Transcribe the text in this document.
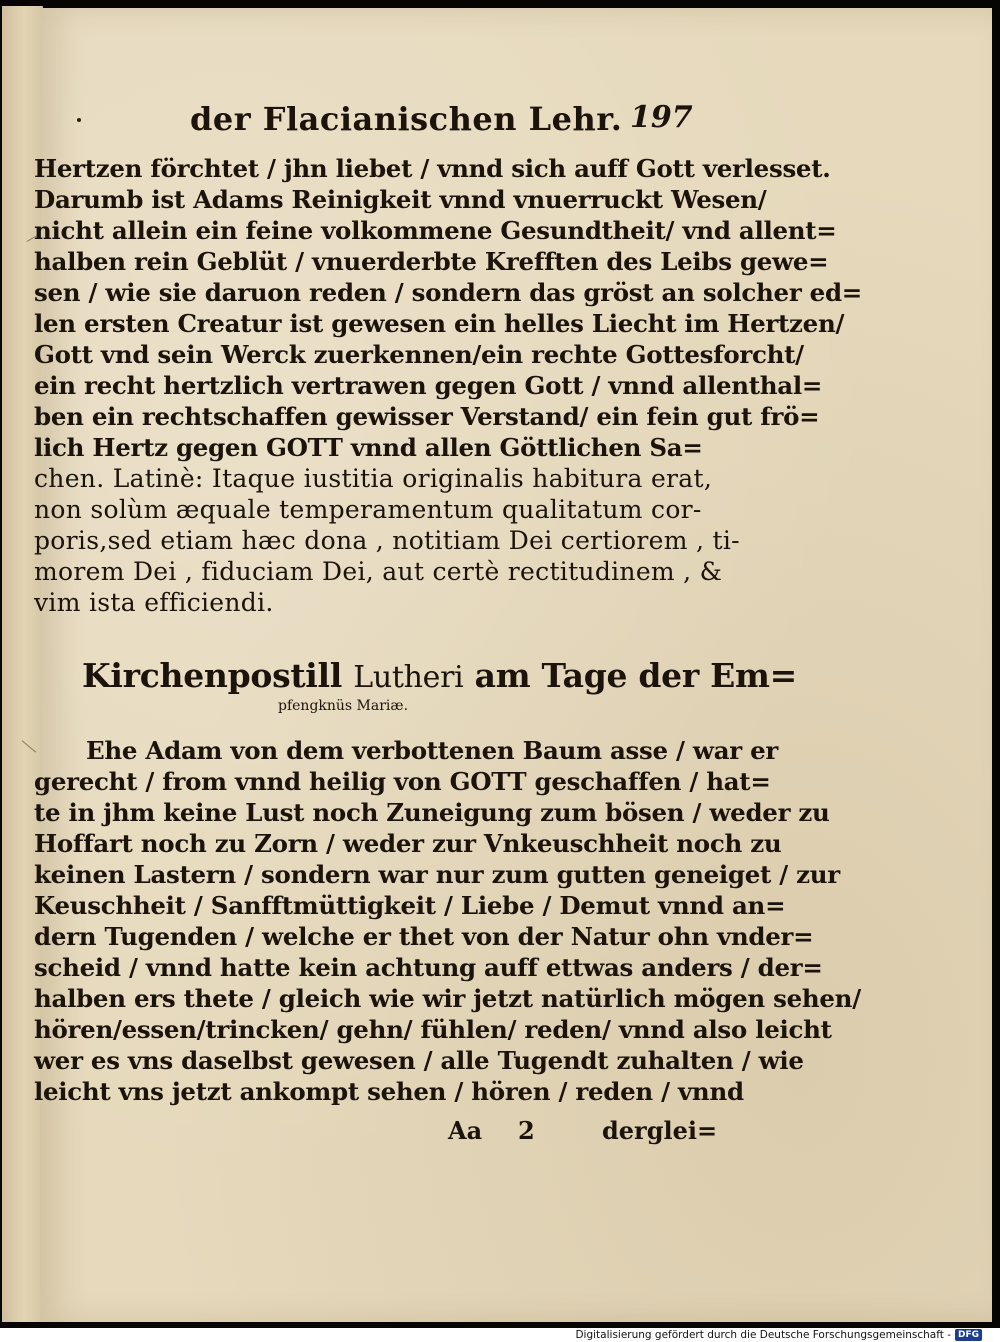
der Flacianischen Lehr. 197
Hertzen förchtet / jhn liebet / vnnd sich auff Gott verlesset.
Darumb ist Adams Reinigkeit vnnd vnuerruckt Wesen/
nicht allein ein feine volkommene Gesundtheit/ vnd allent=
halben rein Geblüt / vnuerderbte Krefften des Leibs gewe=
sen / wie sie daruon reden / sondern das gröst an solcher ed=
len ersten Creatur ist gewesen ein helles Liecht im Hertzen/
Gott vnd sein Werck zuerkennen/ein rechte Gottesforcht/
ein recht hertzlich vertrawen gegen Gott / vnnd allenthal=
ben ein rechtschaffen gewisser Verstand/ ein fein gut frö=
lich Hertz gegen GOTT vnnd allen Göttlichen Sa=
chen. Latinè: Itaque iustitia originalis habitura erat,
non solùm æquale temperamentum qualitatum cor-
poris,sed etiam hæc dona , notitiam Dei certiorem , ti-
morem Dei , fiduciam Dei, aut certè rectitudinem , &
vim ista efficiendi.
Kirchenpostill Lutheri am Tage der Em=
pfengknüs Mariæ.
Ehe Adam von dem verbottenen Baum asse / war er
gerecht / from vnnd heilig von GOTT geschaffen / hat=
te in jhm keine Lust noch Zuneigung zum bösen / weder zu
Hoffart noch zu Zorn / weder zur Vnkeuschheit noch zu
keinen Lastern / sondern war nur zum gutten geneiget / zur
Keuschheit / Sanfftmüttigkeit / Liebe / Demut vnnd an=
dern Tugenden / welche er thet von der Natur ohn vnder=
scheid / vnnd hatte kein achtung auff ettwas anders / der=
halben ers thete / gleich wie wir jetzt natürlich mögen sehen/
hören/essen/trincken/ gehn/ fühlen/ reden/ vnnd also leicht
wer es vns daselbst gewesen / alle Tugendt zuhalten / wie
leicht vns jetzt ankompt sehen / hören / reden / vnnd
Aa 2	derglei=
Digitalisierung gefördert durch die Deutsche Forschungsgemeinschaft - DFG
